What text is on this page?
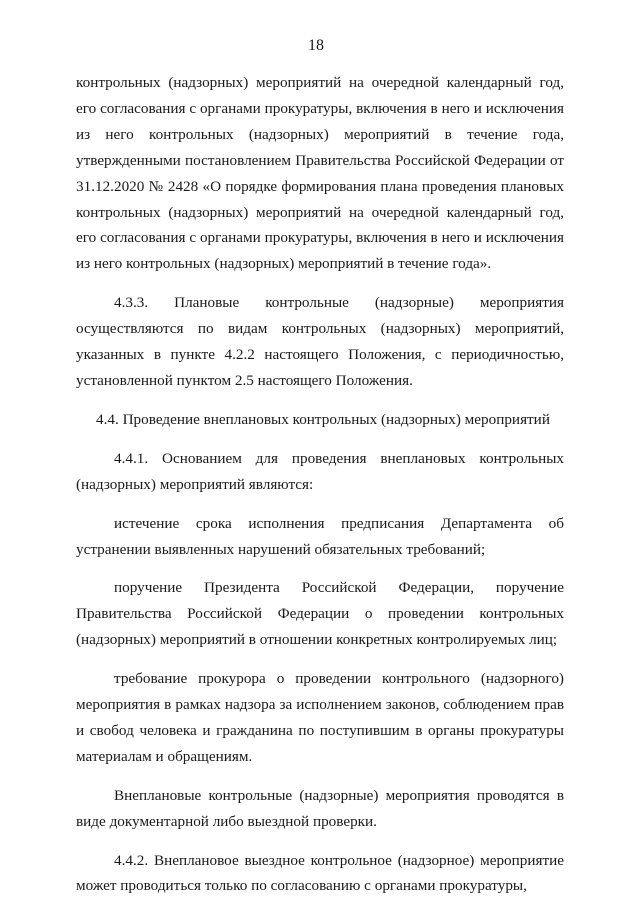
18

контрольных (надзорных) мероприятий на очередной календарный год, его согласования с органами прокуратуры, включения в него и исключения из него контрольных (надзорных) мероприятий в течение года, утвержденными постановлением Правительства Российской Федерации от 31.12.2020 № 2428 «О порядке формирования плана проведения плановых контрольных (надзорных) мероприятий на очередной календарный год, его согласования с органами прокуратуры, включения в него и исключения из него контрольных (надзорных) мероприятий в течение года».

4.3.3. Плановые контрольные (надзорные) мероприятия осуществляются по видам контрольных (надзорных) мероприятий, указанных в пункте 4.2.2 настоящего Положения, с периодичностью, установленной пунктом 2.5 настоящего Положения.

4.4. Проведение внеплановых контрольных (надзорных) мероприятий

4.4.1. Основанием для проведения внеплановых контрольных (надзорных) мероприятий являются:

истечение срока исполнения предписания Департамента об устранении выявленных нарушений обязательных требований;

поручение Президента Российской Федерации, поручение Правительства Российской Федерации о проведении контрольных (надзорных) мероприятий в отношении конкретных контролируемых лиц;

требование прокурора о проведении контрольного (надзорного) мероприятия в рамках надзора за исполнением законов, соблюдением прав и свобод человека и гражданина по поступившим в органы прокуратуры материалам и обращениям.

Внеплановые контрольные (надзорные) мероприятия проводятся в виде документарной либо выездной проверки.

4.4.2. Внеплановое выездное контрольное (надзорное) мероприятие может проводиться только по согласованию с органами прокуратуры,
